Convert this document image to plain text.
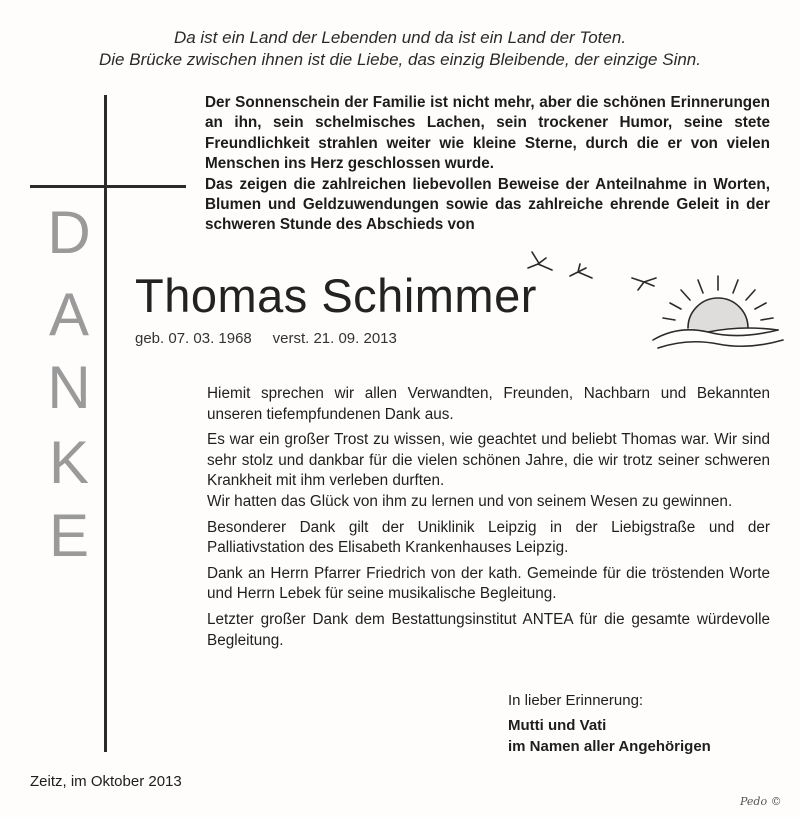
Da ist ein Land der Lebenden und da ist ein Land der Toten.
Die Brücke zwischen ihnen ist die Liebe, das einzig Bleibende, der einzige Sinn.
Der Sonnenschein der Familie ist nicht mehr, aber die schönen Erinnerungen an ihn, sein schelmisches Lachen, sein trockener Humor, seine stete Freundlichkeit strahlen weiter wie kleine Sterne, durch die er von vielen Menschen ins Herz geschlossen wurde.
Das zeigen die zahlreichen liebevollen Beweise der Anteilnahme in Worten, Blumen und Geldzuwendungen sowie das zahlreiche ehrende Geleit in der schweren Stunde des Abschieds von
D
A
N
K
E
Thomas Schimmer
geb. 07. 03. 1968     verst. 21. 09. 2013

Hiemit sprechen wir allen Verwandten, Freunden, Nachbarn und Bekannten unseren tiefempfundenen Dank aus.

Es war ein großer Trost zu wissen, wie geachtet und beliebt Thomas war. Wir sind sehr stolz und dankbar für die vielen schönen Jahre, die wir trotz seiner schweren Krankheit mit ihm verleben durften.

Wir hatten das Glück von ihm zu lernen und von seinem Wesen zu gewinnen.

Besonderer Dank gilt der Uniklinik Leipzig in der Liebigstraße und der Palliativstation des Elisabeth Krankenhauses Leipzig.

Dank an Herrn Pfarrer Friedrich von der kath. Gemeinde für die tröstenden Worte und Herrn Lebek für seine musikalische Begleitung.

Letzter großer Dank dem Bestattungsinstitut ANTEA für die gesamte würdevolle Begleitung.

In lieber Erinnerung:
Mutti und Vati
im Namen aller Angehörigen
Zeitz, im Oktober 2013
Pedo ©
